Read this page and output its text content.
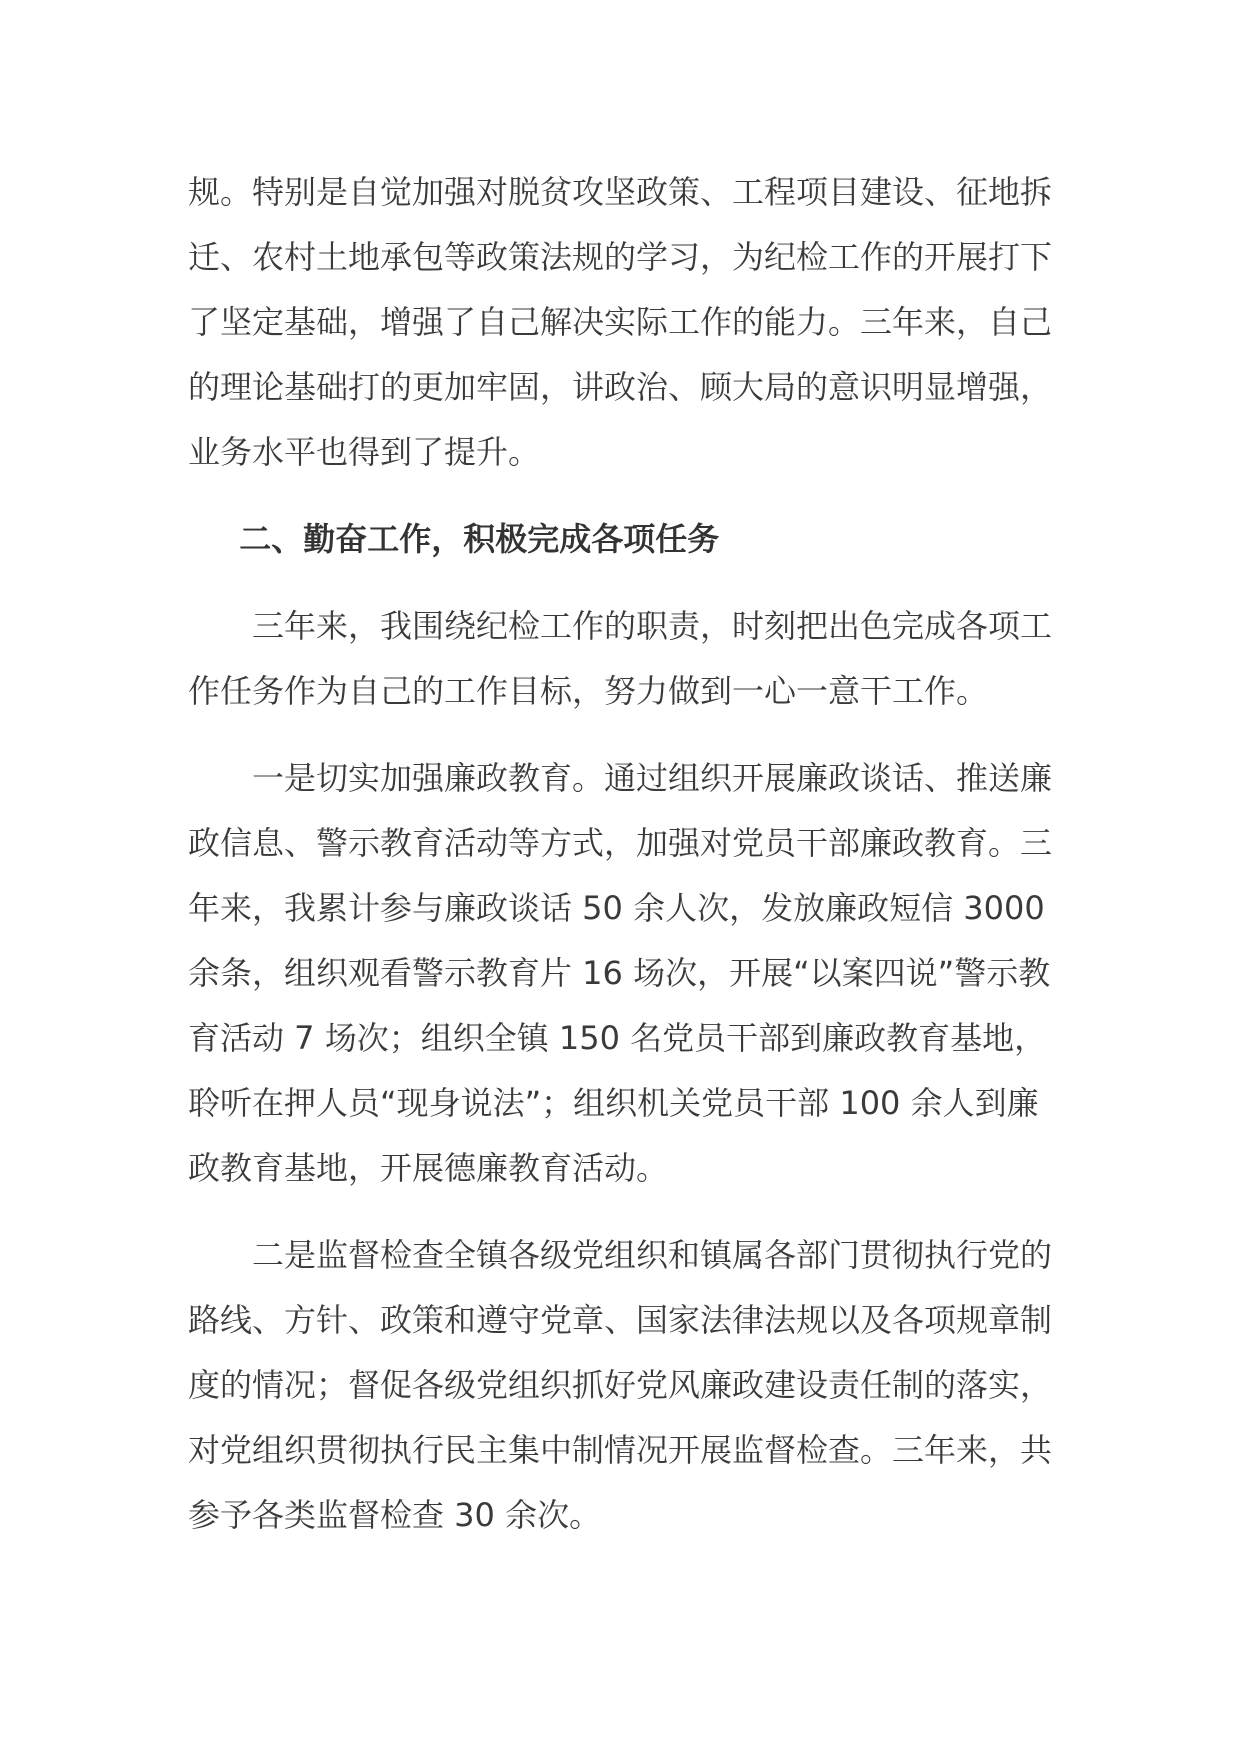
规。特别是自觉加强对脱贫攻坚政策、工程项目建设、征地拆迁、农村土地承包等政策法规的学习，为纪检工作的开展打下了坚定基础，增强了自己解决实际工作的能力。三年来，自己的理论基础打的更加牢固，讲政治、顾大局的意识明显增强，业务水平也得到了提升。

二、勤奋工作，积极完成各项任务

三年来，我围绕纪检工作的职责，时刻把出色完成各项工作任务作为自己的工作目标，努力做到一心一意干工作。

一是切实加强廉政教育。通过组织开展廉政谈话、推送廉政信息、警示教育活动等方式，加强对党员干部廉政教育。三年来，我累计参与廉政谈话 50 余人次，发放廉政短信 3000 余条，组织观看警示教育片 16 场次，开展“以案四说”警示教育活动 7 场次；组织全镇 150 名党员干部到廉政教育基地，聆听在押人员“现身说法”；组织机关党员干部 100 余人到廉政教育基地，开展德廉教育活动。

二是监督检查全镇各级党组织和镇属各部门贯彻执行党的路线、方针、政策和遵守党章、国家法律法规以及各项规章制度的情况；督促各级党组织抓好党风廉政建设责任制的落实，对党组织贯彻执行民主集中制情况开展监督检查。三年来，共参予各类监督检查 30 余次。
